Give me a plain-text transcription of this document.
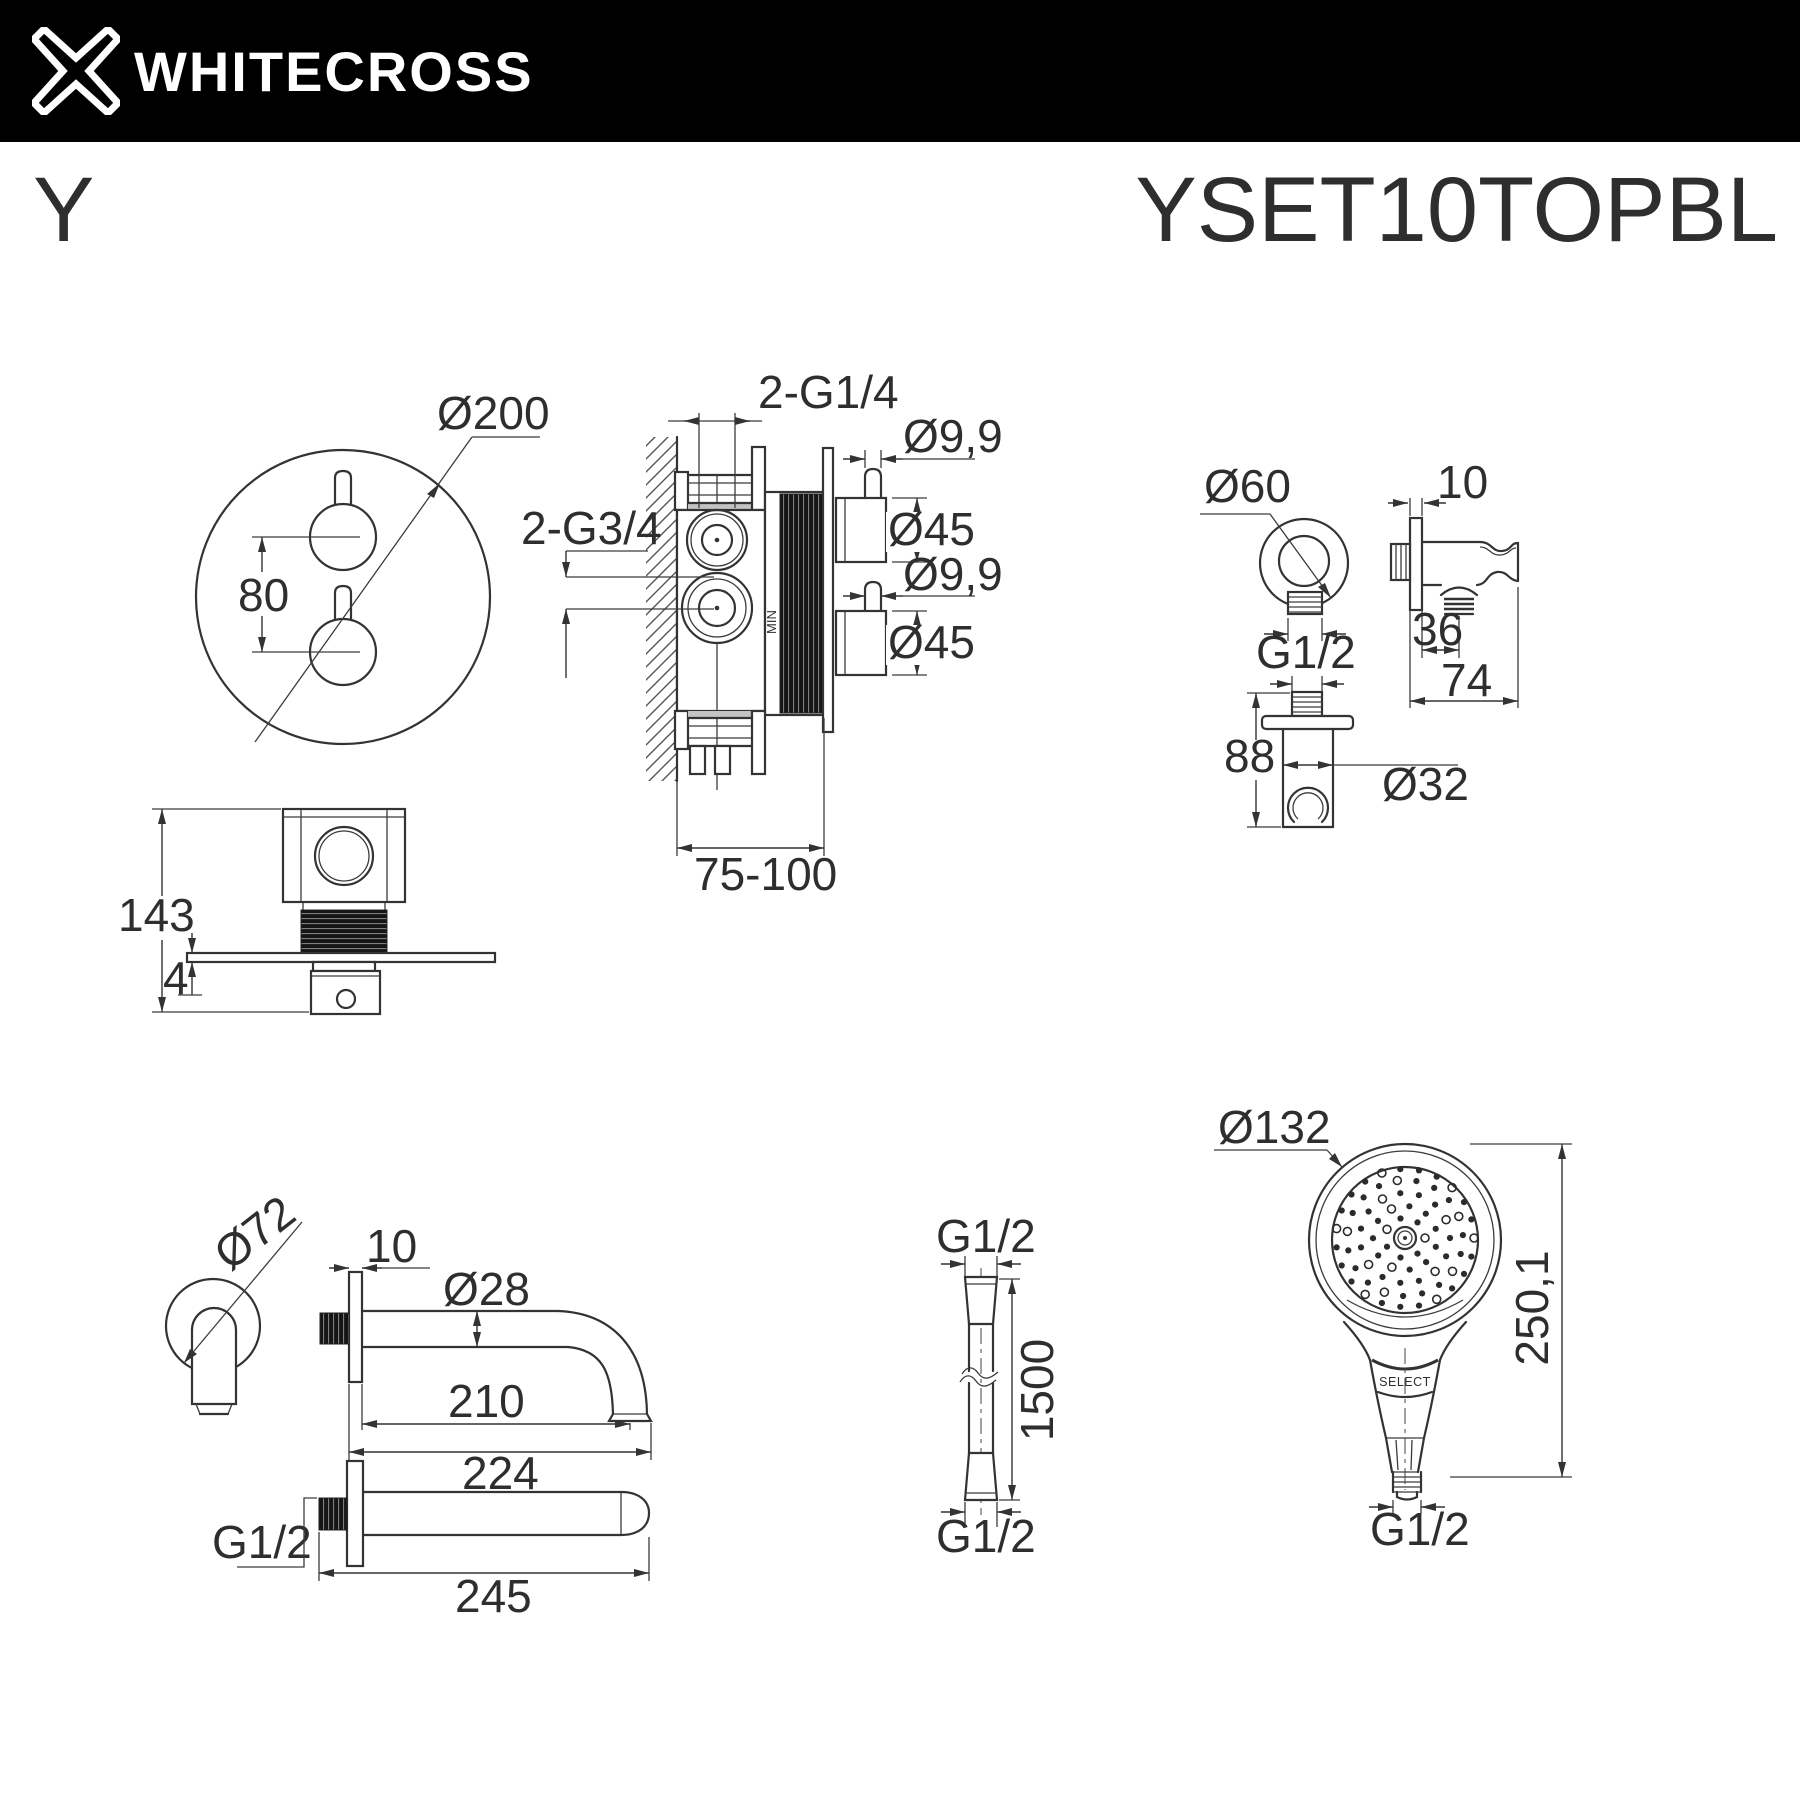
WHITECROSS
Y	YSET10TOPBL
80
Ø200
MIN
2-G1/4
2-G3/4
Ø9,9
Ø45
Ø9,9
Ø45
75-100
143
4
Ø60
G1/2
10
36
74
88
Ø32
Ø72 10
Ø28
210
224
G1/2
245
G1/2
G1/2
1500
Ø132
SELECT
250,1
G1/2
